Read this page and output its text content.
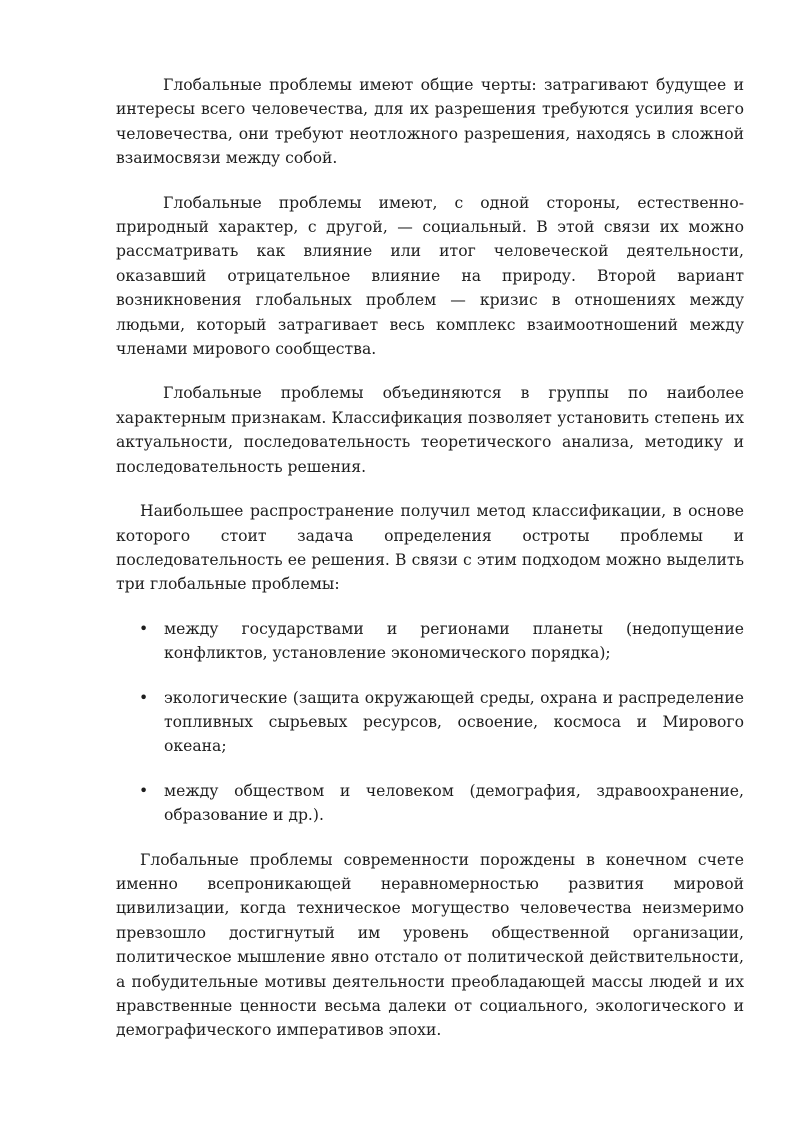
Глобальные проблемы имеют общие черты: затрагивают будущее и интересы всего человечества, для их разрешения требуются усилия всего человечества, они требуют неотложного разрешения, находясь в сложной взаимосвязи между собой.

Глобальные проблемы имеют, с одной стороны, естественно-природный характер, с другой, — социальный. В этой связи их можно рассматривать как влияние или итог человеческой деятельности, оказавший отрицательное влияние на природу. Второй вариант возникновения глобальных проблем — кризис в отношениях между людьми, который затрагивает весь комплекс взаимоотношений между членами мирового сообщества.

Глобальные проблемы объединяются в группы по наиболее характерным признакам. Классификация позволяет установить степень их актуальности, последовательность теоретического анализа, методику и последовательность решения.

Наибольшее распространение получил метод классификации, в основе которого стоит задача определения остроты проблемы и последовательность ее решения. В связи с этим подходом можно выделить три глобальные проблемы:

• между государствами и регионами планеты (недопущение конфликтов, установление экономического порядка);
• экологические (защита окружающей среды, охрана и распределение топливных сырьевых ресурсов, освоение, космоса и Мирового океана;
• между обществом и человеком (демография, здравоохранение, образование и др.).

Глобальные проблемы современности порождены в конечном счете именно всепроникающей неравномерностью развития мировой цивилизации, когда техническое могущество человечества неизмеримо превзошло достигнутый им уровень общественной организации, политическое мышление явно отстало от политической действительности, а побудительные мотивы деятельности преобладающей массы людей и их нравственные ценности весьма далеки от социального, экологического и демографического императивов эпохи.
